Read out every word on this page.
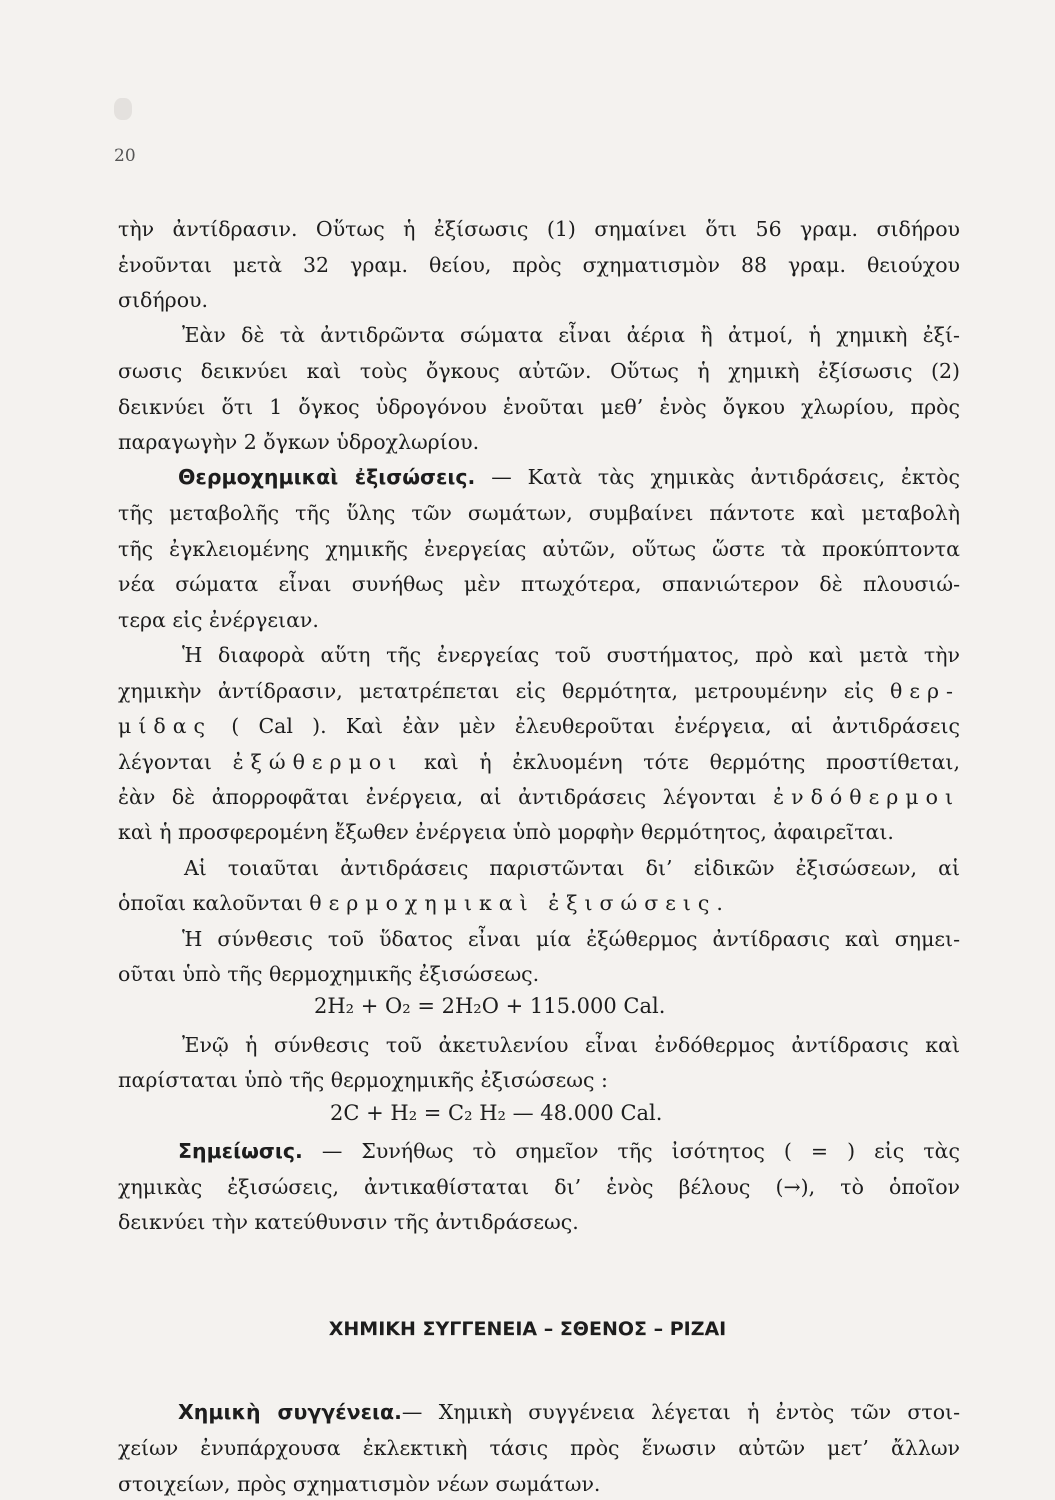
20
τὴν ἀντίδρασιν. Οὕτως ἡ ἐξίσωσις (1) σημαίνει ὅτι 56 γραμ. σιδήρου
ἑνοῦνται μετὰ 32 γραμ. θείου, πρὸς σχηματισμὸν 88 γραμ. θειούχου
σιδήρου.
Ἐὰν δὲ τὰ ἀντιδρῶντα σώματα εἶναι ἀέρια ἢ ἀτμοί, ἡ χημικὴ ἐξί-
σωσις δεικνύει καὶ τοὺς ὄγκους αὐτῶν. Οὕτως ἡ χημικὴ ἐξίσωσις (2)
δεικνύει ὅτι 1 ὄγκος ὑδρογόνου ἑνοῦται μεθ’ ἑνὸς ὄγκου χλωρίου, πρὸς
παραγωγὴν 2 ὄγκων ὑδροχλωρίου.
Θερμοχημικαὶ ἐξισώσεις. — Κατὰ τὰς χημικὰς ἀντιδράσεις, ἐκτὸς
τῆς μεταβολῆς τῆς ὕλης τῶν σωμάτων, συμβαίνει πάντοτε καὶ μεταβολὴ
τῆς ἐγκλειομένης χημικῆς ἐνεργείας αὐτῶν, οὕτως ὥστε τὰ προκύπτοντα
νέα σώματα εἶναι συνήθως μὲν πτωχότερα, σπανιώτερον δὲ πλουσιώ-
τερα εἰς ἐνέργειαν.
Ἡ διαφορὰ αὕτη τῆς ἐνεργείας τοῦ συστήματος, πρὸ καὶ μετὰ τὴν
χημικὴν ἀντίδρασιν, μετατρέπεται εἰς θερμότητα, μετρουμένην εἰς θερ-
μίδας ( Cal ). Καὶ ἐὰν μὲν ἐλευθεροῦται ἐνέργεια, αἱ ἀντιδράσεις
λέγονται ἐξώθερμοι καὶ ἡ ἐκλυομένη τότε θερμότης προστίθεται,
ἐὰν δὲ ἀπορροφᾶται ἐνέργεια, αἱ ἀντιδράσεις λέγονται ἐνδόθερμοι
καὶ ἡ προσφερομένη ἔξωθεν ἐνέργεια ὑπὸ μορφὴν θερμότητος, ἀφαιρεῖται.
Αἱ τοιαῦται ἀντιδράσεις παριστῶνται δι’ εἰδικῶν ἐξισώσεων, αἱ
ὁποῖαι καλοῦνται θερμοχημικαὶ ἐξισώσεις.
Ἡ σύνθεσις τοῦ ὕδατος εἶναι μία ἐξώθερμος ἀντίδρασις καὶ σημει-
οῦται ὑπὸ τῆς θερμοχημικῆς ἐξισώσεως.
2H₂ + O₂ = 2H₂O + 115.000 Cal.
Ἐνῷ ἡ σύνθεσις τοῦ ἀκετυλενίου εἶναι ἐνδόθερμος ἀντίδρασις καὶ
παρίσταται ὑπὸ τῆς θερμοχημικῆς ἐξισώσεως :
2C + H₂ = C₂ H₂ — 48.000 Cal.
Σημείωσις. — Συνήθως τὸ σημεῖον τῆς ἰσότητος ( = ) εἰς τὰς
χημικὰς ἐξισώσεις, ἀντικαθίσταται δι’ ἑνὸς βέλους (→), τὸ ὁποῖον
δεικνύει τὴν κατεύθυνσιν τῆς ἀντιδράσεως.
ΧΗΜΙΚΗ ΣΥΓΓΕΝΕΙΑ – ΣΘΕΝΟΣ – ΡΙΖΑΙ
Χημικὴ συγγένεια.— Χημικὴ συγγένεια λέγεται ἡ ἐντὸς τῶν στοι-
χείων ἐνυπάρχουσα ἐκλεκτικὴ τάσις πρὸς ἕνωσιν αὐτῶν μετ’ ἄλλων
στοιχείων, πρὸς σχηματισμὸν νέων σωμάτων.
